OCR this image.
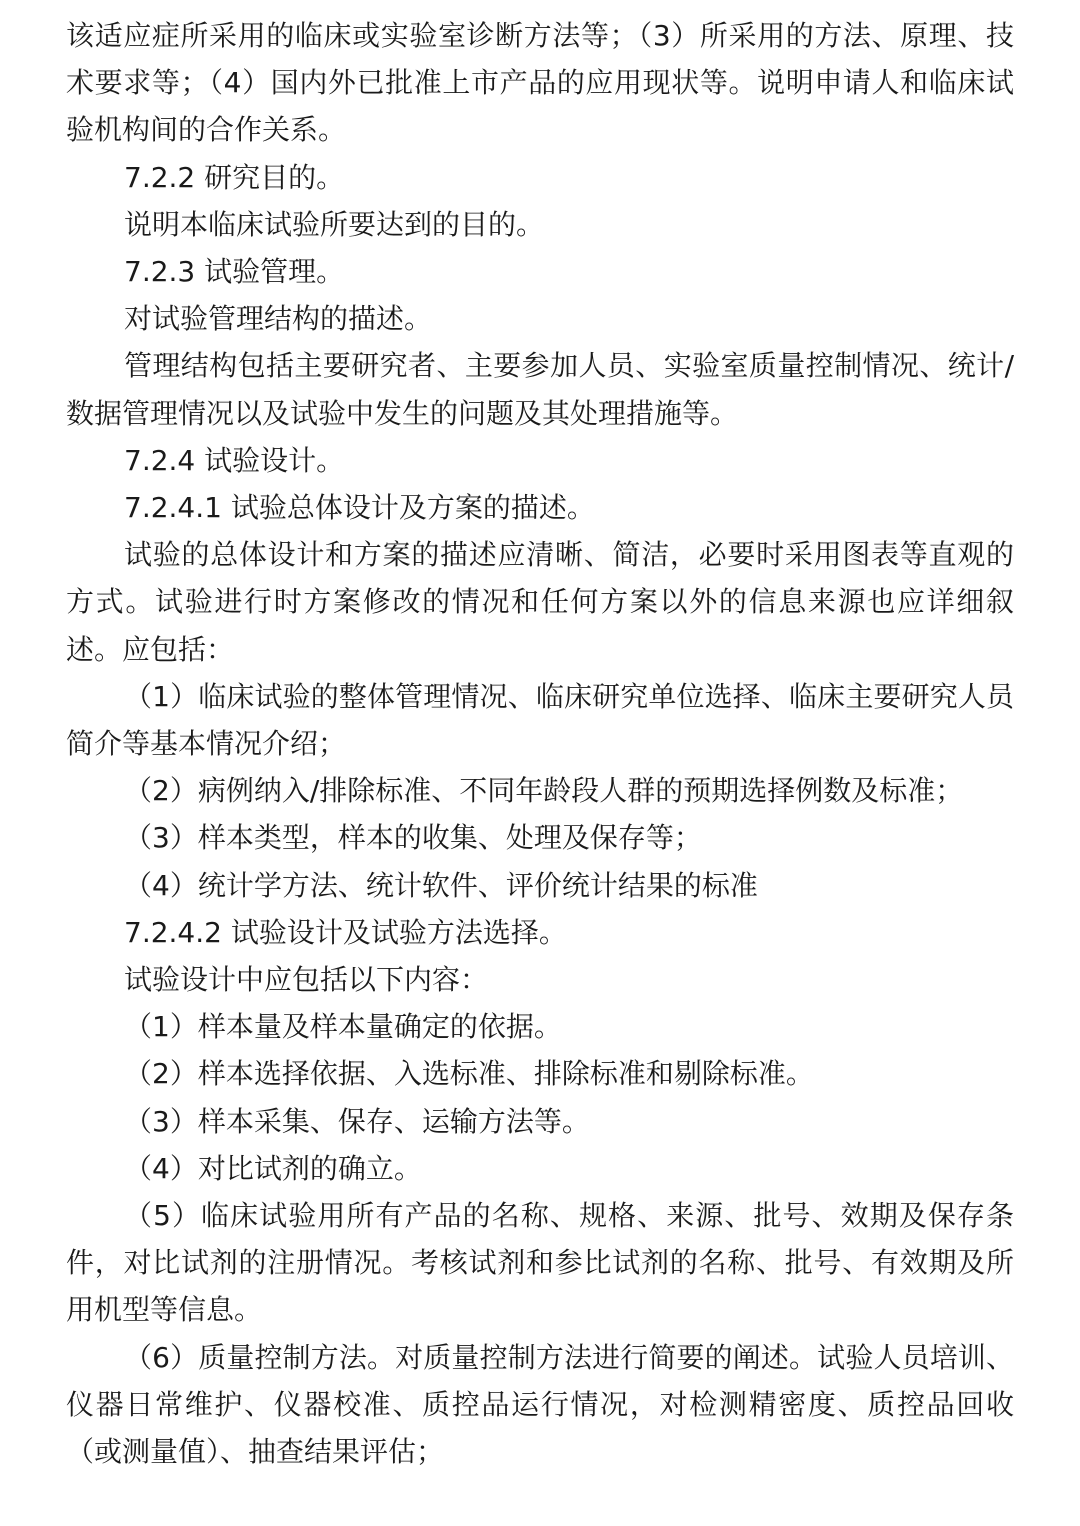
该适应症所采用的临床或实验室诊断方法等；（3）所采用的方法、原理、技术要求等；（4）国内外已批准上市产品的应用现状等。说明申请人和临床试验机构间的合作关系。

7.2.2 研究目的。

说明本临床试验所要达到的目的。

7.2.3 试验管理。

对试验管理结构的描述。

管理结构包括主要研究者、主要参加人员、实验室质量控制情况、统计/数据管理情况以及试验中发生的问题及其处理措施等。

7.2.4 试验设计。

7.2.4.1 试验总体设计及方案的描述。

试验的总体设计和方案的描述应清晰、简洁，必要时采用图表等直观的方式。试验进行时方案修改的情况和任何方案以外的信息来源也应详细叙述。应包括：

（1）临床试验的整体管理情况、临床研究单位选择、临床主要研究人员简介等基本情况介绍；

（2）病例纳入/排除标准、不同年龄段人群的预期选择例数及标准；

（3）样本类型，样本的收集、处理及保存等；

（4）统计学方法、统计软件、评价统计结果的标准

7.2.4.2 试验设计及试验方法选择。

试验设计中应包括以下内容：

（1）样本量及样本量确定的依据。

（2）样本选择依据、入选标准、排除标准和剔除标准。

（3）样本采集、保存、运输方法等。

（4）对比试剂的确立。

（5）临床试验用所有产品的名称、规格、来源、批号、效期及保存条件，对比试剂的注册情况。考核试剂和参比试剂的名称、批号、有效期及所用机型等信息。

（6）质量控制方法。对质量控制方法进行简要的阐述。试验人员培训、仪器日常维护、仪器校准、质控品运行情况，对检测精密度、质控品回收（或测量值）、抽查结果评估；
